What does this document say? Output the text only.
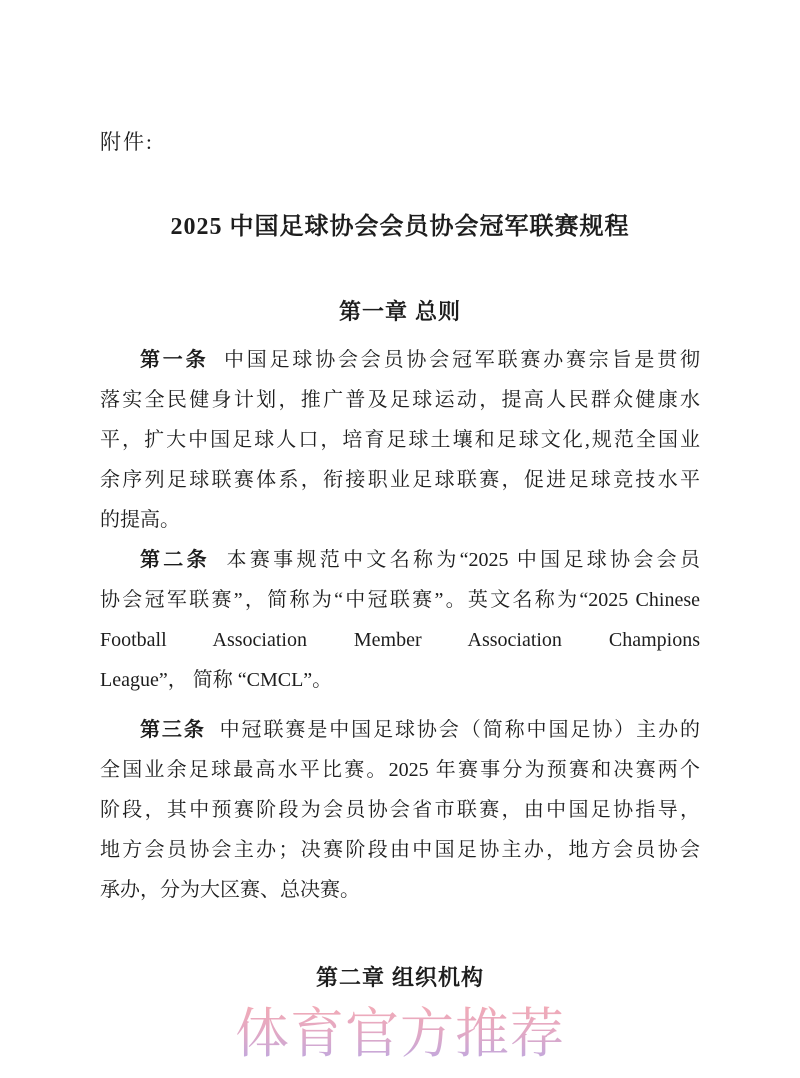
附件:
2025 中国足球协会会员协会冠军联赛规程
第一章 总则
第一条  中国足球协会会员协会冠军联赛办赛宗旨是贯彻
落实全民健身计划，推广普及足球运动，提高人民群众健康水
平，扩大中国足球人口，培育足球土壤和足球文化,规范全国业
余序列足球联赛体系，衔接职业足球联赛，促进足球竞技水平
的提高。
第二条  本赛事规范中文名称为“2025 中国足球协会会员
协会冠军联赛”，简称为“中冠联赛”。英文名称为“2025 Chinese
Football Association Member Association Champions
League”， 简称 “CMCL”。
第三条  中冠联赛是中国足球协会（简称中国足协）主办的
全国业余足球最高水平比赛。2025 年赛事分为预赛和决赛两个
阶段，其中预赛阶段为会员协会省市联赛，由中国足协指导，
地方会员协会主办；决赛阶段由中国足协主办，地方会员协会
承办，分为大区赛、总决赛。
第二章 组织机构
体育官方推荐
